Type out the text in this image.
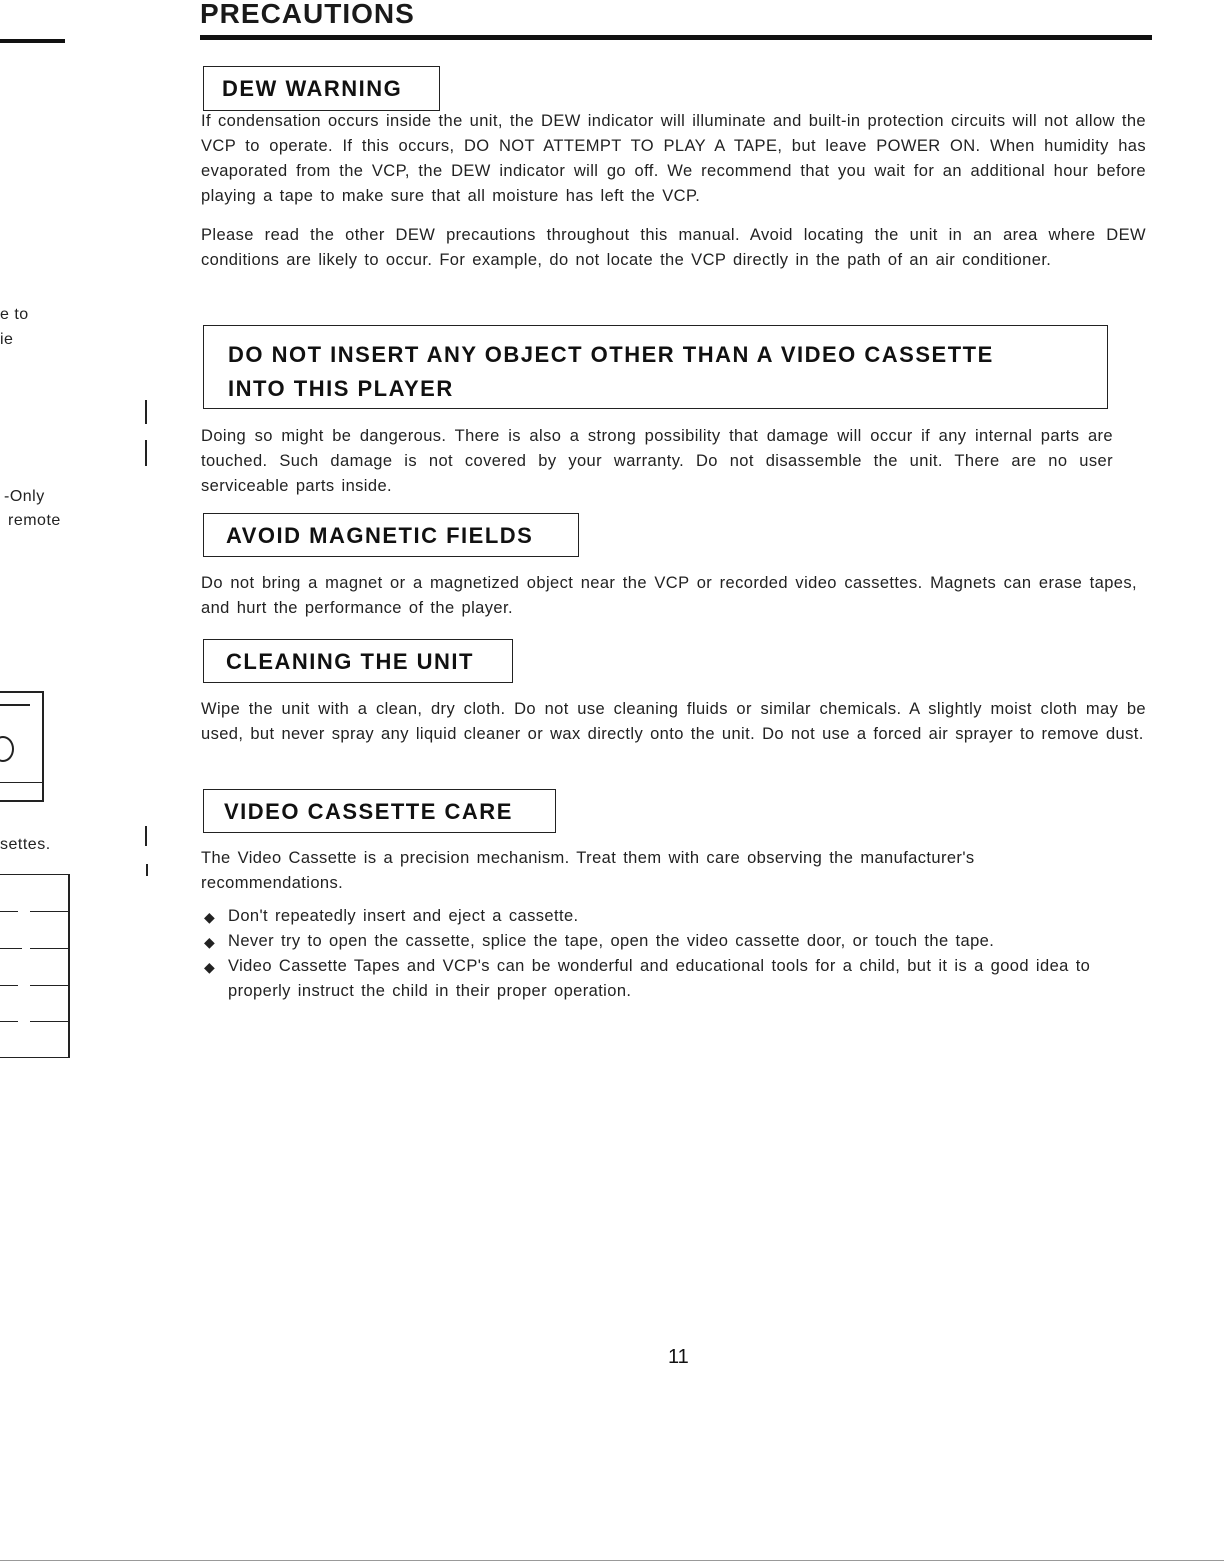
PRECAUTIONS
e to
ie
-Only
remote
settes.
DEW WARNING

If condensation occurs inside the unit, the DEW indicator will illuminate and built-in protection circuits will not allow the VCP to operate. If this occurs, DO NOT ATTEMPT TO PLAY A TAPE, but leave POWER ON. When humidity has evaporated from the VCP, the DEW indicator will go off. We recommend that you wait for an additional hour before playing a tape to make sure that all moisture has left the VCP.

Please read the other DEW precautions throughout this manual. Avoid locating the unit in an area where DEW conditions are likely to occur. For example, do not locate the VCP directly in the path of an air conditioner.

DO NOT INSERT ANY OBJECT OTHER THAN A VIDEO CASSETTE
INTO THIS PLAYER

Doing so might be dangerous. There is also a strong possibility that damage will occur if any internal parts are touched. Such damage is not covered by your warranty. Do not disassemble the unit. There are no user serviceable parts inside.

AVOID MAGNETIC FIELDS

Do not bring a magnet or a magnetized object near the VCP or recorded video cassettes. Magnets can erase tapes, and hurt the performance of the player.

CLEANING THE UNIT

Wipe the unit with a clean, dry cloth. Do not use cleaning fluids or similar chemicals. A slightly moist cloth may be used, but never spray any liquid cleaner or wax directly onto the unit. Do not use a forced air sprayer to remove dust.

VIDEO CASSETTE CARE

The Video Cassette is a precision mechanism. Treat them with care observing the manufacturer's recommendations.

◆ Don't repeatedly insert and eject a cassette.
◆ Never try to open the cassette, splice the tape, open the video cassette door, or touch the tape.
◆ Video Cassette Tapes and VCP's can be wonderful and educational tools for a child, but it is a good idea to properly instruct the child in their proper operation.
11
